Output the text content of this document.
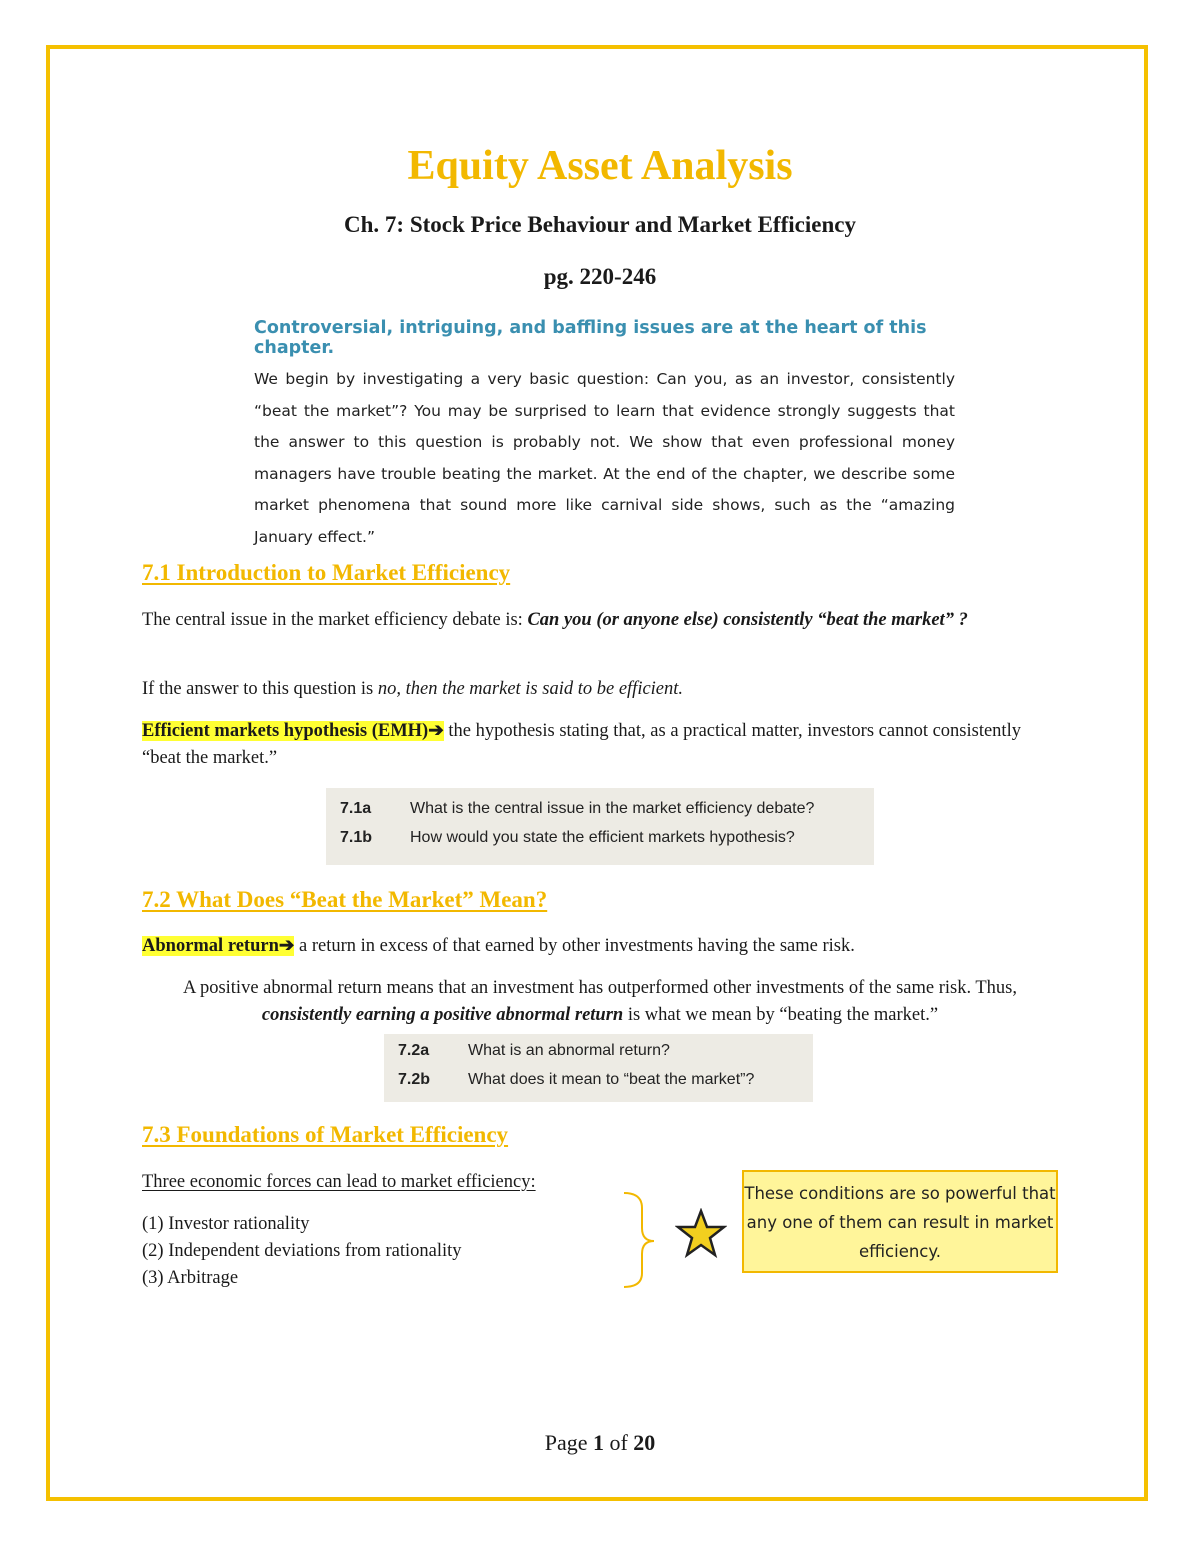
Equity Asset Analysis
Ch. 7: Stock Price Behaviour and Market Efficiency
pg. 220-246

Controversial, intriguing, and baffling issues are at the heart of this chapter.

We begin by investigating a very basic question: Can you, as an investor, consistently “beat the market”? You may be surprised to learn that evidence strongly suggests that the answer to this question is probably not. We show that even professional money managers have trouble beating the market. At the end of the chapter, we describe some market phenomena that sound more like carnival side shows, such as the “amazing January effect.”

7.1 Introduction to Market Efficiency

The central issue in the market efficiency debate is: Can you (or anyone else) consistently “beat the market” ?

If the answer to this question is no, then the market is said to be efficient.

Efficient markets hypothesis (EMH)➔ the hypothesis stating that, as a practical matter, investors cannot consistently “beat the market.”

7.1a	What is the central issue in the market efficiency debate?
7.1b	How would you state the efficient markets hypothesis?
7.2 What Does “Beat the Market” Mean?

Abnormal return➔ a return in excess of that earned by other investments having the same risk.

A positive abnormal return means that an investment has outperformed other investments of the same risk. Thus, consistently earning a positive abnormal return is what we mean by “beating the market.”

7.2a	What is an abnormal return?
7.2b	What does it mean to “beat the market”?
7.3 Foundations of Market Efficiency

Three economic forces can lead to market efficiency:

(1) Investor rationality
(2) Independent deviations from rationality
(3) Arbitrage
These conditions are so powerful that any one of them can result in market efficiency.

Page 1 of 20
